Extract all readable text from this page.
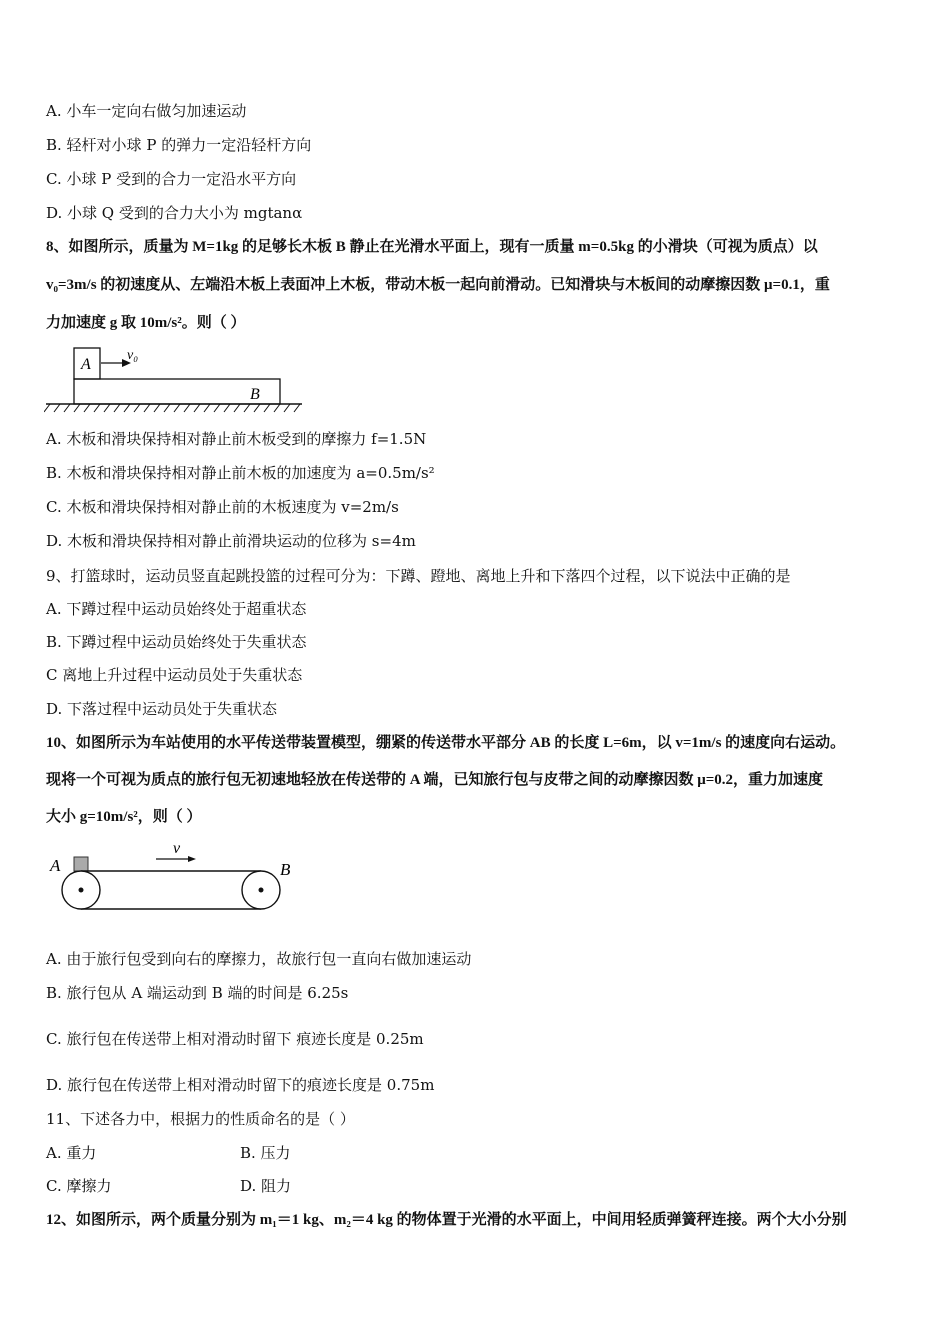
A. 小车一定向右做匀加速运动
B. 轻杆对小球 P 的弹力一定沿轻杆方向
C. 小球 P 受到的合力一定沿水平方向
D. 小球 Q 受到的合力大小为 mgtanα
8、如图所示，质量为 M=1kg 的足够长木板 B 静止在光滑水平面上，现有一质量 m=0.5kg 的小滑块（可视为质点）以
v₀=3m/s 的初速度从、左端沿木板上表面冲上木板，带动木板一起向前滑动。已知滑块与木板间的动摩擦因数 μ=0.1，重
力加速度 g 取 10m/s²。则（ ）
B
A
v₀
A. 木板和滑块保持相对静止前木板受到的摩擦力 f=1.5N
B. 木板和滑块保持相对静止前木板的加速度为 a=0.5m/s²
C. 木板和滑块保持相对静止前的木板速度为 v=2m/s
D. 木板和滑块保持相对静止前滑块运动的位移为 s=4m
9、打篮球时，运动员竖直起跳投篮的过程可分为：下蹲、蹬地、离地上升和下落四个过程，以下说法中正确的是
A. 下蹲过程中运动员始终处于超重状态
B. 下蹲过程中运动员始终处于失重状态
C 离地上升过程中运动员处于失重状态
D. 下落过程中运动员处于失重状态
10、如图所示为车站使用的水平传送带装置模型，绷紧的传送带水平部分 AB 的长度 L=6m，以 v=1m/s 的速度向右运动。
现将一个可视为质点的旅行包无初速地轻放在传送带的 A 端，已知旅行包与皮带之间的动摩擦因数 μ=0.2，重力加速度
大小 g=10m/s²，则（ ）
A	B
v
A. 由于旅行包受到向右的摩擦力，故旅行包一直向右做加速运动
B. 旅行包从 A 端运动到 B 端的时间是 6.25s
C. 旅行包在传送带上相对滑动时留下 痕迹长度是 0.25m
D. 旅行包在传送带上相对滑动时留下的痕迹长度是 0.75m
11、下述各力中，根据力的性质命名的是（ ）
A. 重力	B. 压力
C. 摩擦力	D. 阻力
12、如图所示，两个质量分别为 m₁＝1 kg、m₂＝4 kg 的物体置于光滑的水平面上，中间用轻质弹簧秤连接。两个大小分别
